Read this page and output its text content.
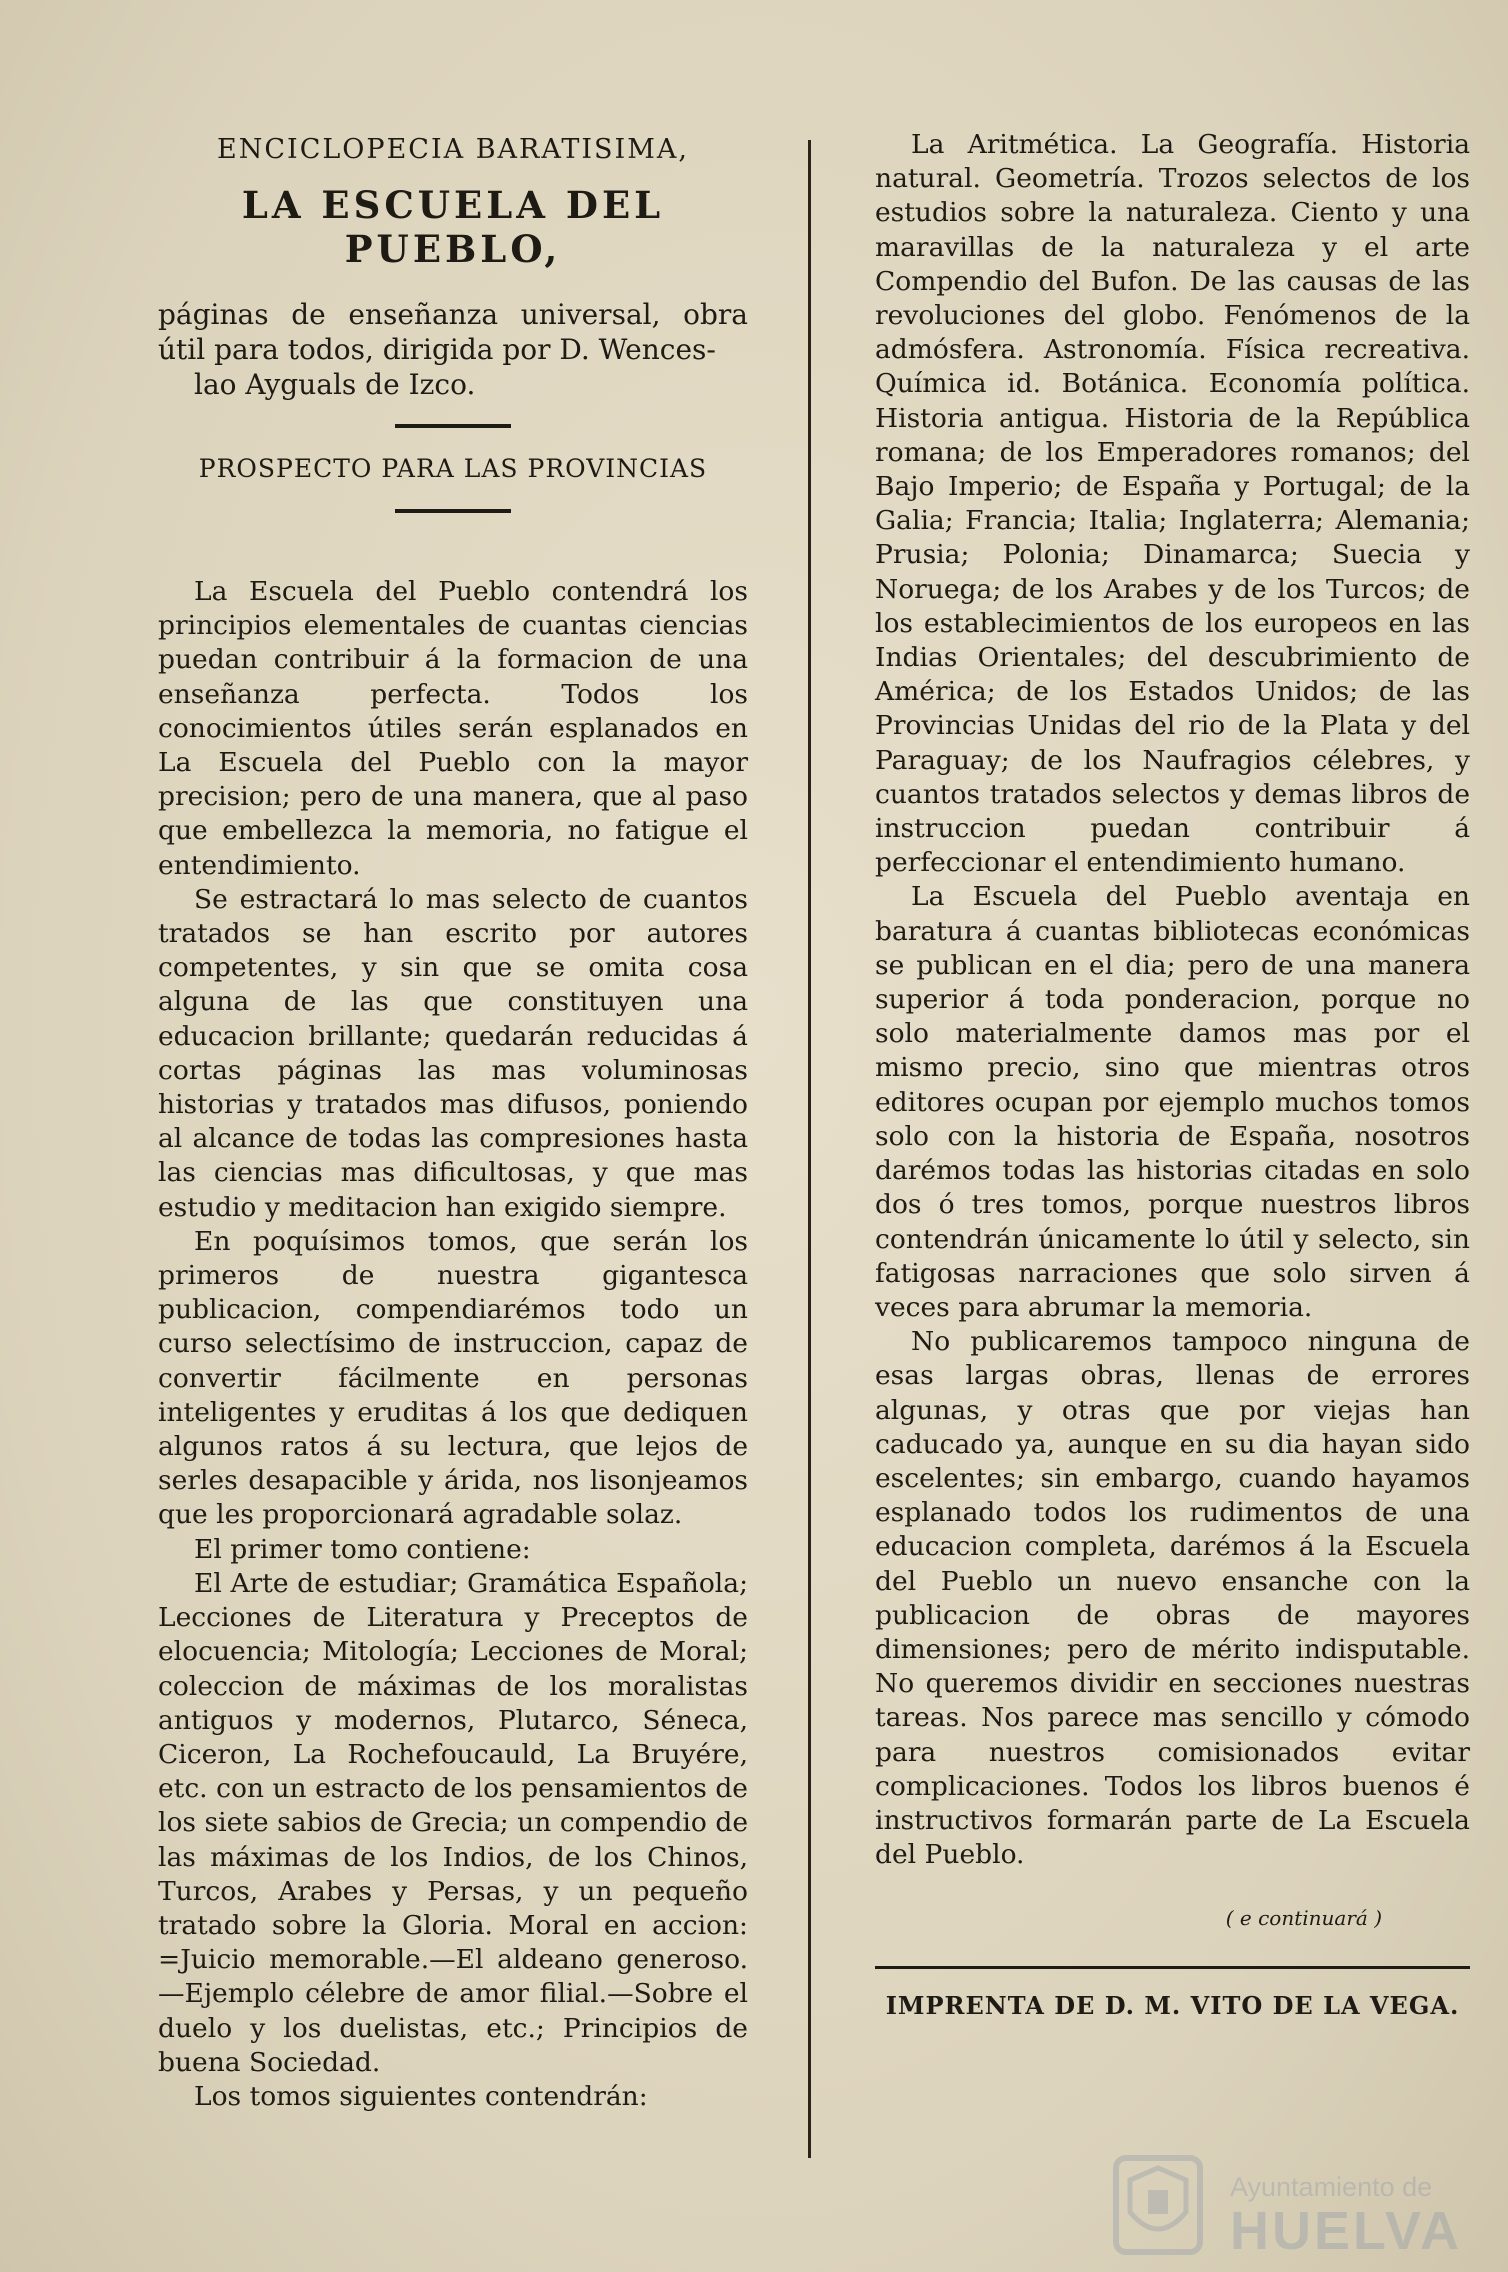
ENCICLOPECIA BARATISIMA,
LA ESCUELA DEL PUEBLO,
páginas de enseñanza universal, obra útil para todos, dirigida por D. Wences-
lao Ayguals de Izco.
PROSPECTO PARA LAS PROVINCIAS

La Escuela del Pueblo contendrá los principios elementales de cuantas ciencias puedan contribuir á la formacion de una enseñanza perfecta. Todos los conocimientos útiles serán esplanados en La Escuela del Pueblo con la mayor precision; pero de una manera, que al paso que embellezca la memoria, no fatigue el entendimiento.

Se estractará lo mas selecto de cuantos tratados se han escrito por autores competentes, y sin que se omita cosa alguna de las que constituyen una educacion brillante; quedarán reducidas á cortas páginas las mas voluminosas historias y tratados mas difusos, poniendo al alcance de todas las compresiones hasta las ciencias mas dificultosas, y que mas estudio y meditacion han exigido siempre.

En poquísimos tomos, que serán los primeros de nuestra gigantesca publicacion, compendiarémos todo un curso selectísimo de instruccion, capaz de convertir fácilmente en personas inteligentes y eruditas á los que dediquen algunos ratos á su lectura, que lejos de serles desapacible y árida, nos lisonjeamos que les proporcionará agradable solaz.

El primer tomo contiene:

El Arte de estudiar; Gramática Española; Lecciones de Literatura y Preceptos de elocuencia; Mitología; Lecciones de Moral; coleccion de máximas de los moralistas antiguos y modernos, Plutarco, Séneca, Ciceron, La Rochefoucauld, La Bruyére, etc. con un estracto de los pensamientos de los siete sabios de Grecia; un compendio de las máximas de los Indios, de los Chinos, Turcos, Arabes y Persas, y un pequeño tratado sobre la Gloria. Moral en accion: =Juicio memorable.—El aldeano generoso.—Ejemplo célebre de amor filial.—Sobre el duelo y los duelistas, etc.; Principios de buena Sociedad.

Los tomos siguientes contendrán:

La Aritmética. La Geografía. Historia natural. Geometría. Trozos selectos de los estudios sobre la naturaleza. Ciento y una maravillas de la naturaleza y el arte Compendio del Bufon. De las causas de las revoluciones del globo. Fenómenos de la admósfera. Astronomía. Física recreativa. Química id. Botánica. Economía política. Historia antigua. Historia de la República romana; de los Emperadores romanos; del Bajo Imperio; de España y Portugal; de la Galia; Francia; Italia; Inglaterra; Alemania; Prusia; Polonia; Dinamarca; Suecia y Noruega; de los Arabes y de los Turcos; de los establecimientos de los europeos en las Indias Orientales; del descubrimiento de América; de los Estados Unidos; de las Provincias Unidas del rio de la Plata y del Paraguay; de los Naufragios célebres, y cuantos tratados selectos y demas libros de instruccion puedan contribuir á perfeccionar el entendimiento humano.

La Escuela del Pueblo aventaja en baratura á cuantas bibliotecas económicas se publican en el dia; pero de una manera superior á toda ponderacion, porque no solo materialmente damos mas por el mismo precio, sino que mientras otros editores ocupan por ejemplo muchos tomos solo con la historia de España, nosotros darémos todas las historias citadas en solo dos ó tres tomos, porque nuestros libros contendrán únicamente lo útil y selecto, sin fatigosas narraciones que solo sirven á veces para abrumar la memoria.

No publicaremos tampoco ninguna de esas largas obras, llenas de errores algunas, y otras que por viejas han caducado ya, aunque en su dia hayan sido escelentes; sin embargo, cuando hayamos esplanado todos los rudimentos de una educacion completa, darémos á la Escuela del Pueblo un nuevo ensanche con la publicacion de obras de mayores dimensiones; pero de mérito indisputable. No queremos dividir en secciones nuestras tareas. Nos parece mas sencillo y cómodo para nuestros comisionados evitar complicaciones. Todos los libros buenos é instructivos formarán parte de La Escuela del Pueblo.

( e continuará )
IMPRENTA DE D. M. VITO DE LA VEGA.
Ayuntamiento de
HUELVA
